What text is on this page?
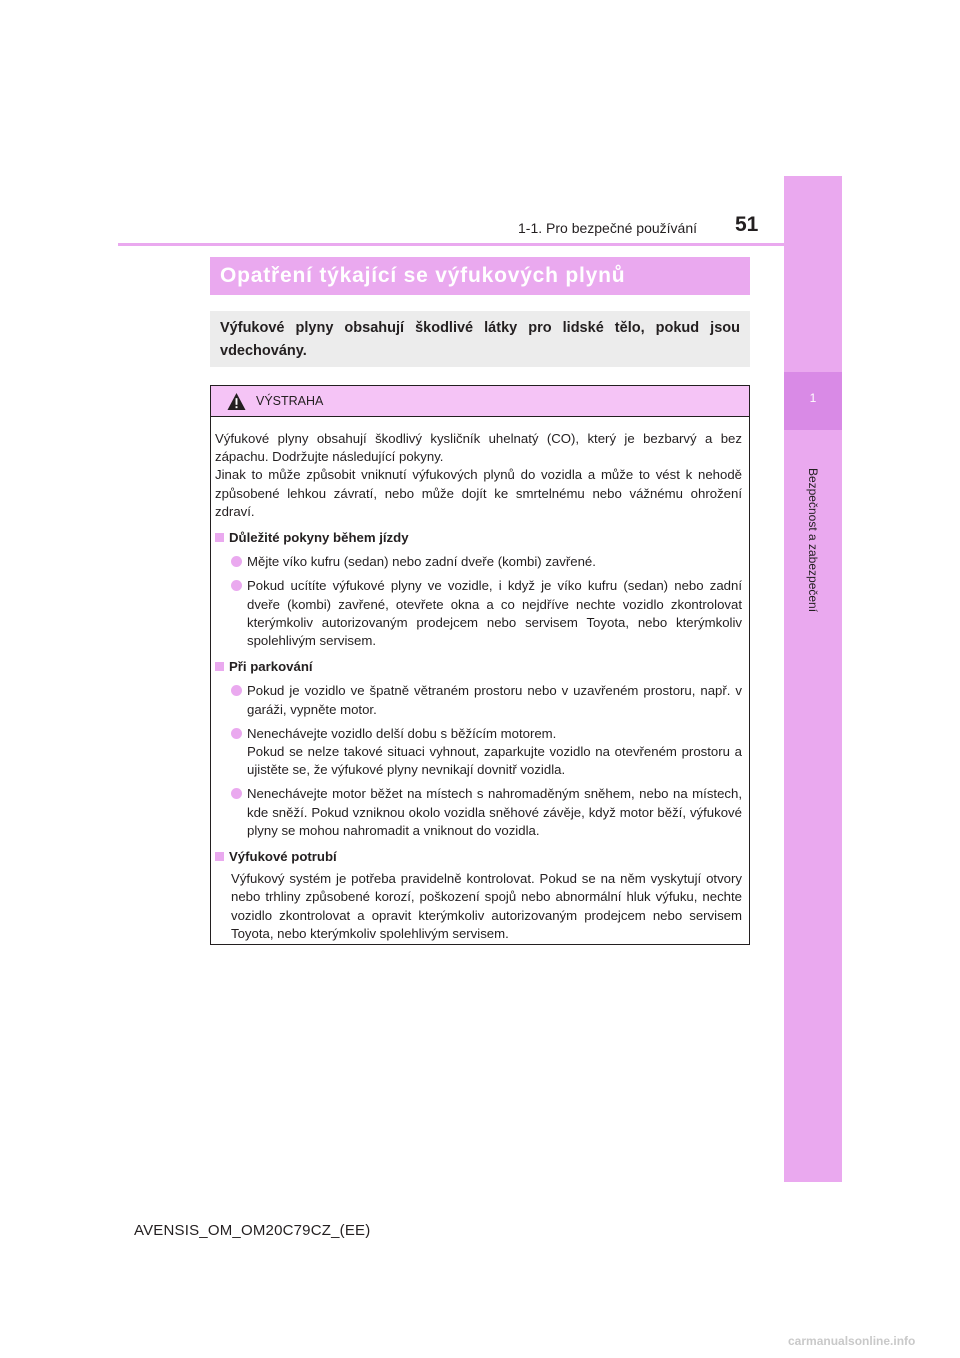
1
Bezpečnost a zabezpečení
1-1. Pro bezpečné používání 51
Opatření týkající se výfukových plynů
Výfukové plyny obsahují škodlivé látky pro lidské tělo, pokud jsou vdechovány.
VÝSTRAHA

Výfukové plyny obsahují škodlivý kysličník uhelnatý (CO), který je bezbarvý a bez zápachu. Dodržujte následující pokyny.

Jinak to může způsobit vniknutí výfukových plynů do vozidla a může to vést k nehodě způsobené lehkou závratí, nebo může dojít ke smrtelnému nebo vážnému ohrožení zdraví.

Důležité pokyny během jízdy
Mějte víko kufru (sedan) nebo zadní dveře (kombi) zavřené.
Pokud ucítíte výfukové plyny ve vozidle, i když je víko kufru (sedan) nebo zadní dveře (kombi) zavřené, otevřete okna a co nejdříve nechte vozidlo zkontrolovat kterýmkoliv autorizovaným prodejcem nebo servisem Toyota, nebo kterýmkoliv spolehlivým servisem.
Při parkování
Pokud je vozidlo ve špatně větraném prostoru nebo v uzavřeném prostoru, např. v garáži, vypněte motor.
Nenechávejte vozidlo delší dobu s běžícím motorem.
Pokud se nelze takové situaci vyhnout, zaparkujte vozidlo na otevřeném prostoru a ujistěte se, že výfukové plyny nevnikají dovnitř vozidla.
Nenechávejte motor běžet na místech s nahromaděným sněhem, nebo na místech, kde sněží. Pokud vzniknou okolo vozidla sněhové závěje, když motor běží, výfukové plyny se mohou nahromadit a vniknout do vozidla.
Výfukové potrubí
Výfukový systém je potřeba pravidelně kontrolovat. Pokud se na něm vyskytují otvory nebo trhliny způsobené korozí, poškození spojů nebo abnormální hluk výfuku, nechte vozidlo zkontrolovat a opravit kterýmkoliv autorizovaným prodejcem nebo servisem Toyota, nebo kterýmkoliv spolehlivým servisem.
AVENSIS_OM_OM20C79CZ_(EE)
carmanualsonline.info
